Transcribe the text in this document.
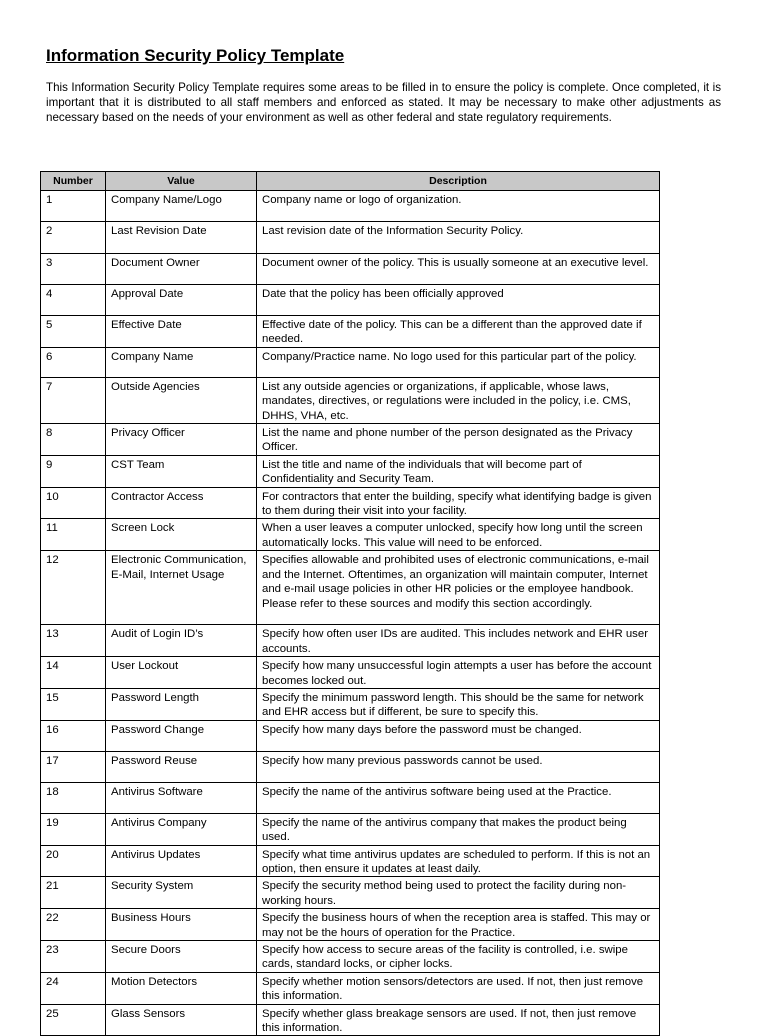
Information Security Policy Template

This Information Security Policy Template requires some areas to be filled in to ensure the policy is complete. Once completed, it is important that it is distributed to all staff members and enforced as stated. It may be necessary to make other adjustments as necessary based on the needs of your environment as well as other federal and state regulatory requirements.

Number	Value	Description
1	Company Name/Logo	Company name or logo of organization.
2	Last Revision Date	Last revision date of the Information Security Policy.
3	Document Owner	Document owner of the policy. This is usually someone at an executive level.
4	Approval Date	Date that the policy has been officially approved
5	Effective Date	Effective date of the policy. This can be a different than the approved date if needed.
6	Company Name	Company/Practice name. No logo used for this particular part of the policy.
7	Outside Agencies	List any outside agencies or organizations, if applicable, whose laws, mandates, directives, or regulations were included in the policy, i.e. CMS, DHHS, VHA, etc.
8	Privacy Officer	List the name and phone number of the person designated as the Privacy Officer.
9	CST Team	List the title and name of the individuals that will become part of Confidentiality and Security Team.
10	Contractor Access	For contractors that enter the building, specify what identifying badge is given to them during their visit into your facility.
11	Screen Lock	When a user leaves a computer unlocked, specify how long until the screen automatically locks. This value will need to be enforced.
12	Electronic Communication, E-Mail, Internet Usage	Specifies allowable and prohibited uses of electronic communications, e-mail and the Internet. Oftentimes, an organization will maintain computer, Internet and e-mail usage policies in other HR policies or the employee handbook. Please refer to these sources and modify this section accordingly.
13	Audit of Login ID’s	Specify how often user IDs are audited. This includes network and EHR user accounts.
14	User Lockout	Specify how many unsuccessful login attempts a user has before the account becomes locked out.
15	Password Length	Specify the minimum password length. This should be the same for network and EHR access but if different, be sure to specify this.
16	Password Change	Specify how many days before the password must be changed.
17	Password Reuse	Specify how many previous passwords cannot be used.
18	Antivirus Software	Specify the name of the antivirus software being used at the Practice.
19	Antivirus Company	Specify the name of the antivirus company that makes the product being used.
20	Antivirus Updates	Specify what time antivirus updates are scheduled to perform. If this is not an option, then ensure it updates at least daily.
21	Security System	Specify the security method being used to protect the facility during non-working hours.
22	Business Hours	Specify the business hours of when the reception area is staffed. This may or may not be the hours of operation for the Practice.
23	Secure Doors	Specify how access to secure areas of the facility is controlled, i.e. swipe cards, standard locks, or cipher locks.
24	Motion Detectors	Specify whether motion sensors/detectors are used. If not, then just remove this information.
25	Glass Sensors	Specify whether glass breakage sensors are used. If not, then just remove this information.
